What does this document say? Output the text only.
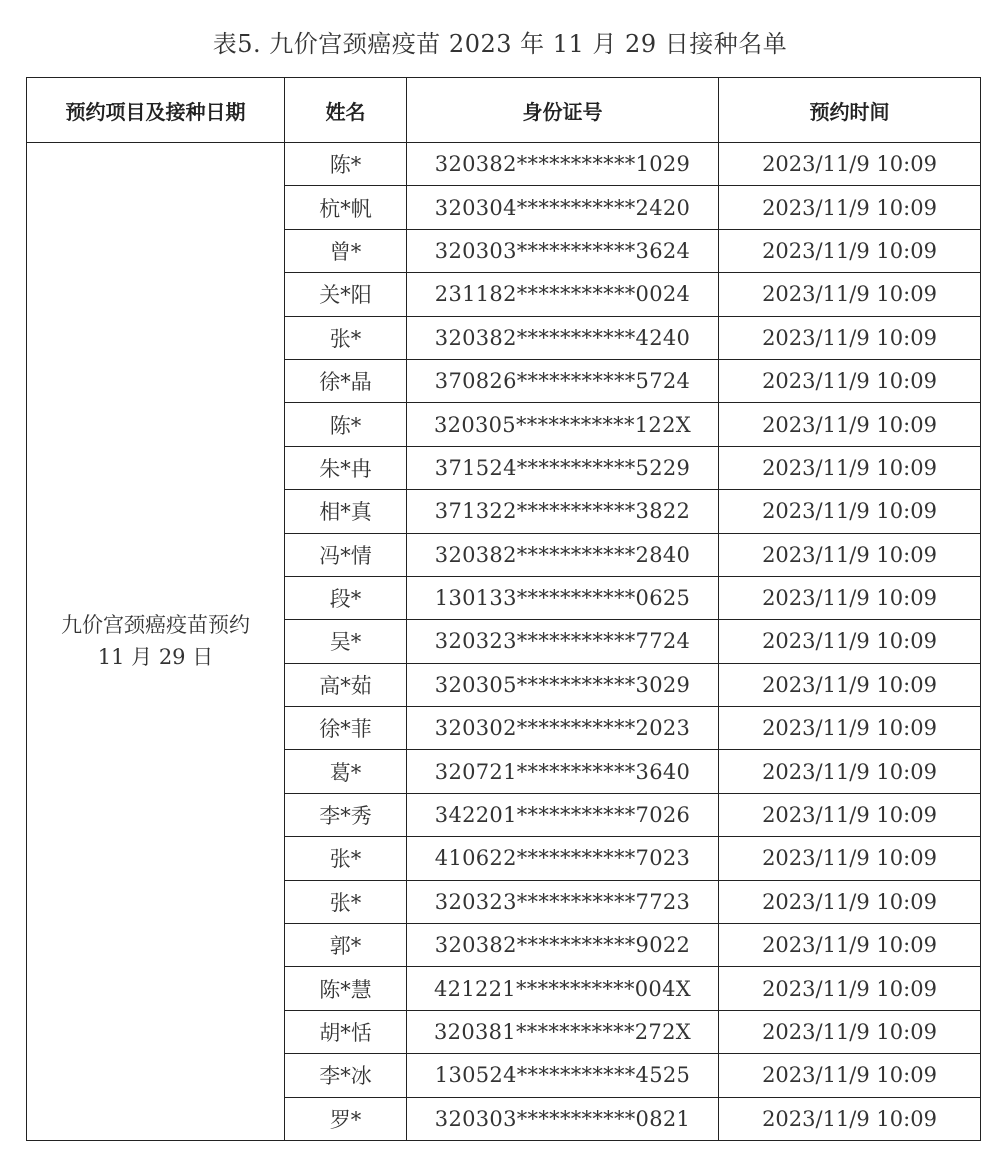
表5. 九价宫颈癌疫苗 2023 年 11 月 29 日接种名单
预约项目及接种日期	姓名	身份证号	预约时间

九价宫颈癌疫苗预约
11 月 29 日	陈*	320382***********1029	2023/11/9 10:09
	杭*帆	320304***********2420	2023/11/9 10:09
	曾*	320303***********3624	2023/11/9 10:09
	关*阳	231182***********0024	2023/11/9 10:09
	张*	320382***********4240	2023/11/9 10:09
	徐*晶	370826***********5724	2023/11/9 10:09
	陈*	320305***********122X	2023/11/9 10:09
	朱*冉	371524***********5229	2023/11/9 10:09
	相*真	371322***********3822	2023/11/9 10:09
	冯*情	320382***********2840	2023/11/9 10:09
	段*	130133***********0625	2023/11/9 10:09
	吴*	320323***********7724	2023/11/9 10:09
	高*茹	320305***********3029	2023/11/9 10:09
	徐*菲	320302***********2023	2023/11/9 10:09
	葛*	320721***********3640	2023/11/9 10:09
	李*秀	342201***********7026	2023/11/9 10:09
	张*	410622***********7023	2023/11/9 10:09
	张*	320323***********7723	2023/11/9 10:09
	郭*	320382***********9022	2023/11/9 10:09
	陈*慧	421221***********004X	2023/11/9 10:09
	胡*恬	320381***********272X	2023/11/9 10:09
	李*冰	130524***********4525	2023/11/9 10:09
	罗*	320303***********0821	2023/11/9 10:09
